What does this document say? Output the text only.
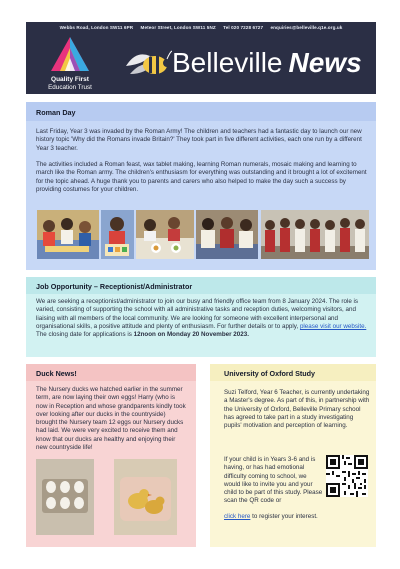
Webbs Road, London SW11 6PR Meteor Street, London SW11 5NZ Tel 020 7228 6727 enquiries@belleville.q1e.org.uk
Quality First
Education Trust
Belleville News
Roman Day

Last Friday, Year 3 was invaded by the Roman Army! The children and teachers had a fantastic day to launch our new history topic 'Why did the Romans invade Britain?' They took part in five different activities, each one run by a different Year 3 teacher.

The activities included a Roman feast, wax tablet making, learning Roman numerals, mosaic making and learning to march like the Roman army. The children's enthusiasm for everything was outstanding and it brought a lot of excitement for the topic ahead. A huge thank you to parents and carers who also helped to make the day such a success by providing costumes for your children.

Job Opportunity – Receptionist/Administrator

We are seeking a receptionist/administrator to join our busy and friendly office team from 8 January 2024. The role is varied, consisting of supporting the school with all administrative tasks and reception duties, welcoming visitors, and liaising with all members of the local community. We are looking for someone with excellent interpersonal and organisational skills, a positive attitude and plenty of enthusiasm. For further details or to apply, please visit our website. The closing date for applications is 12noon on Monday 20 November 2023.

Duck News!

The Nursery ducks we hatched earlier in the summer term, are now laying their own eggs! Harry (who is now in Reception and whose grandparents kindly took over looking after our ducks in the countryside) brought the Nursery team 12 eggs our Nursery ducks had laid. We were very excited to receive them and know that our ducks are healthy and enjoying their new countryside life!

University of Oxford Study

Suzi Telford, Year 6 Teacher, is currently undertaking a Master's degree. As part of this, in partnership with the University of Oxford, Belleville Primary school has agreed to take part in a study investigating pupils' motivation and perception of learning.

If your child is in Years 3-6 and is having, or has had emotional difficulty coming to school, we would like to invite you and your child to be part of this study. Please scan the QR code or

click here to register your interest.
